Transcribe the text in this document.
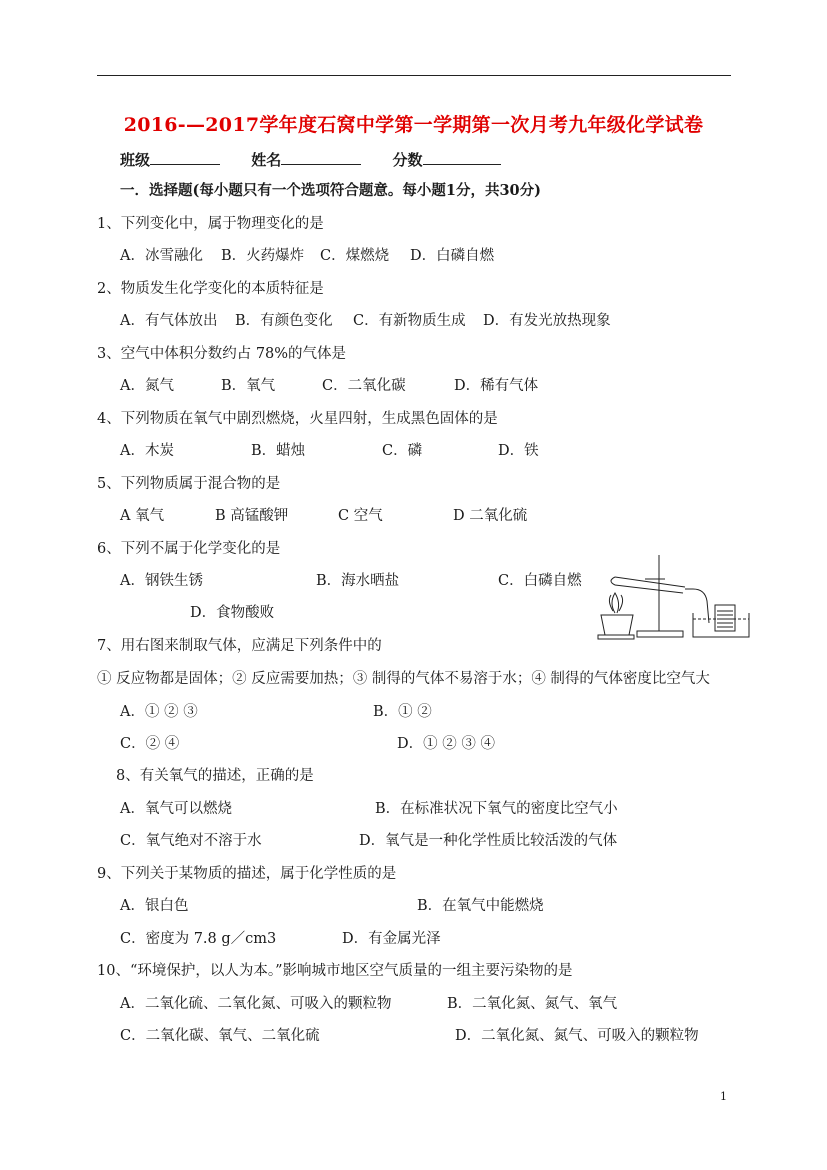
2016-—2017学年度石窝中学第一学期第一次月考九年级化学试卷
班级	姓名	分数
一．选择题(每小题只有一个选项符合题意。每小题1分，共30分)
1、下列变化中，属于物理变化的是
A．冰雪融化 B．火药爆炸 C．煤燃烧 D．白磷自燃
2、物质发生化学变化的本质特征是
A．有气体放出 B．有颜色变化 C．有新物质生成 D．有发光放热现象
3、空气中体积分数约占 78%的气体是
A．氮气	B．氧气	C．二氧化碳	D．稀有气体
4、下列物质在氧气中剧烈燃烧，火星四射，生成黑色固体的是
A．木炭	B．蜡烛	C．磷	D．铁
5、下列物质属于混合物的是
A 氧气	B 高锰酸钾	C 空气	D 二氧化硫
6、下列不属于化学变化的是
A．钢铁生锈	B．海水晒盐	C．白磷自燃
D．食物酸败
7、用右图来制取气体，应满足下列条件中的
① 反应物都是固体；② 反应需要加热；③ 制得的气体不易溶于水；④ 制得的气体密度比空气大
A．① ② ③	B．① ②
C．② ④	D．① ② ③ ④
8、有关氧气的描述，正确的是
A．氧气可以燃烧	B．在标准状况下氧气的密度比空气小
C．氧气绝对不溶于水	D．氧气是一种化学性质比较活泼的气体
9、下列关于某物质的描述，属于化学性质的是
A．银白色	B．在氧气中能燃烧
C．密度为 7.8 g／cm3	D．有金属光泽
10、“环境保护，以人为本。”影响城市地区空气质量的一组主要污染物的是
A．二氧化硫、二氧化氮、可吸入的颗粒物	B．二氧化氮、氮气、氧气
C．二氧化碳、氧气、二氧化硫	D．二氧化氮、氮气、可吸入的颗粒物
1
